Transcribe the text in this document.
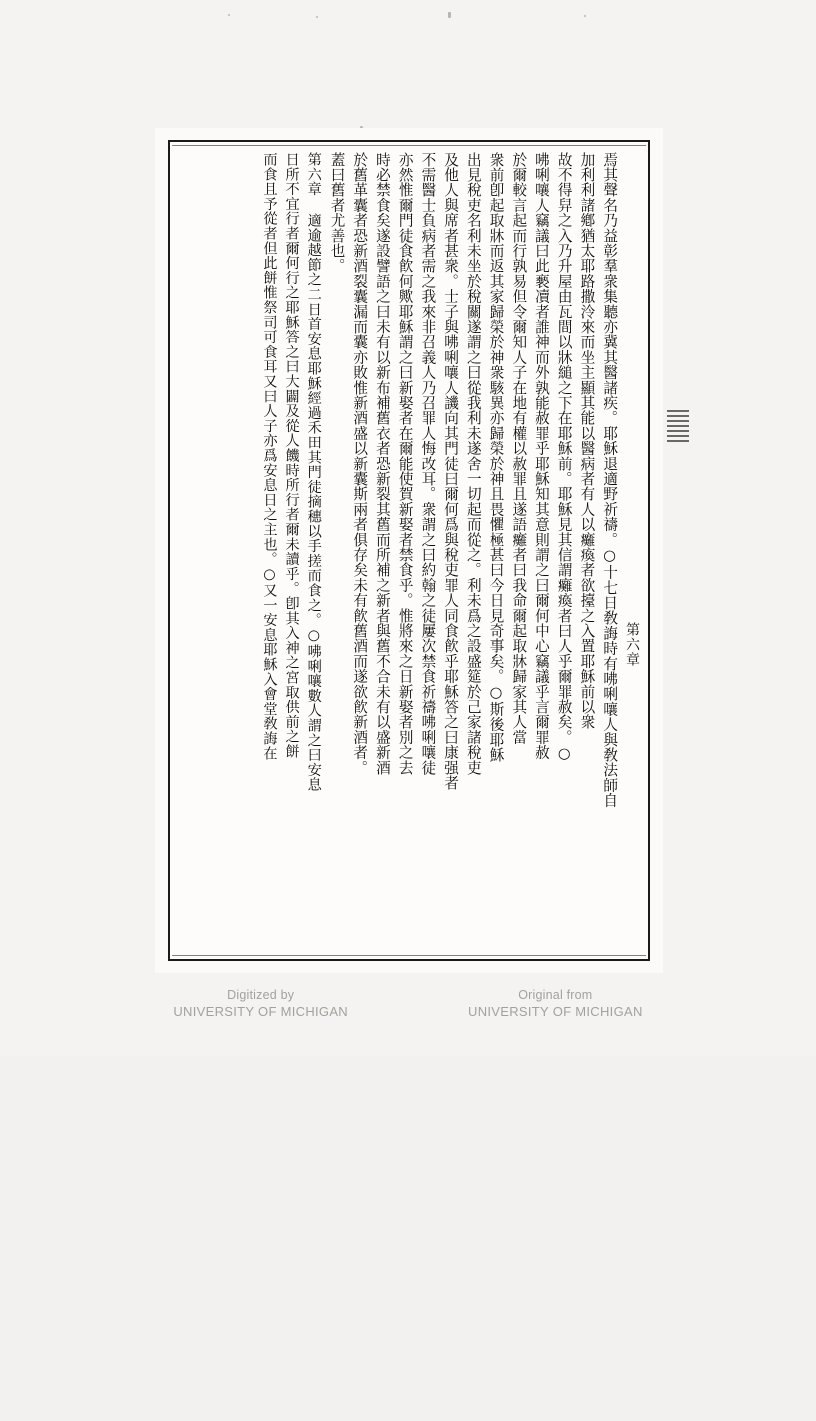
第六章
焉其聲名乃益彰羣衆集聽亦冀其醫諸疾。耶穌退適野祈禱。○十七日敎誨時有咈唎嚷人與敎法師自
加利利諸鄕猶太耶路撒泠來而坐主顯其能以醫病者有人以癱瘓者欲擡之入置耶穌前以衆
故不得舁之入乃升屋由瓦間以牀縋之下在耶穌前。耶穌見其信謂癱瘓者曰人乎爾罪赦矣。○
咈唎嚷人竊議曰此褻凟者誰神而外孰能赦罪乎耶穌知其意則謂之曰爾何中心竊議乎言爾罪赦
於爾較言起而行孰易但令爾知人子在地有權以赦罪且遂語癱者曰我命爾起取牀歸家其人當
衆前卽起取牀而返其家歸榮於神衆駭異亦歸榮於神且畏懼極甚曰今日見奇事矣。○斯後耶穌
出見稅吏名利未坐於稅關遂謂之曰從我利未遂舍一切起而從之。利未爲之設盛筵於己家諸稅吏
及他人與席者甚衆。士子與咈唎嚷人譏向其門徒曰爾何爲與稅吏罪人同食飮乎耶穌答之曰康强者
不需醫士負病者需之我來非召義人乃召罪人悔改耳。衆謂之曰約翰之徒屢次禁食祈禱咈唎嚷徒
亦然惟爾門徒食飮何歟耶穌謂之曰新娶者在爾能使賀新娶者禁食乎。惟將來之日新娶者別之去
時必禁食矣遂設譬語之曰未有以新布補舊衣者恐新裂其舊而所補之新者與舊不合未有以盛新酒
於舊革囊者恐新酒裂囊漏而囊亦敗惟新酒盛以新囊斯兩者俱存矣未有飮舊酒而遂欲飮新酒者。
蓋曰舊者尤善也。
第六章 適逾越節之二日首安息耶穌經過禾田其門徒摘穗以手搓而食之。○咈唎嚷數人謂之曰安息
日所不宜行者爾何行之耶穌答之曰大闢及從人饑時所行者爾未讀乎。卽其入神之宮取供前之餅
而食且予從者但此餅惟祭司可食耳又曰人子亦爲安息日之主也。○又一安息耶穌入會堂敎誨在
Digitized by
UNIVERSITY OF MICHIGAN
Original from
UNIVERSITY OF MICHIGAN
